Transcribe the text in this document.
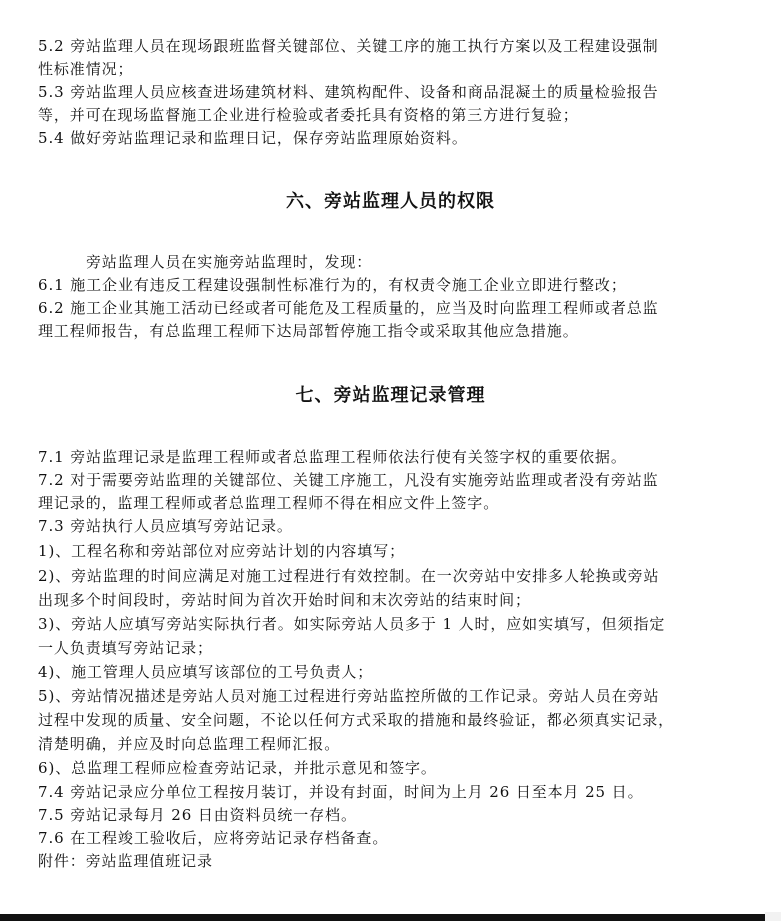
5.2 旁站监理人员在现场跟班监督关键部位、关键工序的施工执行方案以及工程建设强制
性标准情况；
5.3 旁站监理人员应核查进场建筑材料、建筑构配件、设备和商品混凝土的质量检验报告
等，并可在现场监督施工企业进行检验或者委托具有资格的第三方进行复验；
5.4 做好旁站监理记录和监理日记，保存旁站监理原始资料。
六、旁站监理人员的权限
旁站监理人员在实施旁站监理时，发现：
6.1 施工企业有违反工程建设强制性标准行为的，有权责令施工企业立即进行整改；
6.2 施工企业其施工活动已经或者可能危及工程质量的，应当及时向监理工程师或者总监
理工程师报告，有总监理工程师下达局部暂停施工指令或采取其他应急措施。
七、旁站监理记录管理
7.1 旁站监理记录是监理工程师或者总监理工程师依法行使有关签字权的重要依据。
7.2 对于需要旁站监理的关键部位、关键工序施工，凡没有实施旁站监理或者没有旁站监
理记录的，监理工程师或者总监理工程师不得在相应文件上签字。
7.3 旁站执行人员应填写旁站记录。
1)、工程名称和旁站部位对应旁站计划的内容填写；
2)、旁站监理的时间应满足对施工过程进行有效控制。在一次旁站中安排多人轮换或旁站
出现多个时间段时，旁站时间为首次开始时间和末次旁站的结束时间；
3)、旁站人应填写旁站实际执行者。如实际旁站人员多于 1 人时，应如实填写，但须指定
一人负责填写旁站记录；
4)、施工管理人员应填写该部位的工号负责人；
5)、旁站情况描述是旁站人员对施工过程进行旁站监控所做的工作记录。旁站人员在旁站
过程中发现的质量、安全问题，不论以任何方式采取的措施和最终验证，都必须真实记录，
清楚明确，并应及时向总监理工程师汇报。
6)、总监理工程师应检查旁站记录，并批示意见和签字。
7.4 旁站记录应分单位工程按月装订，并设有封面，时间为上月 26 日至本月 25 日。
7.5 旁站记录每月 26 日由资料员统一存档。
7.6 在工程竣工验收后，应将旁站记录存档备查。
附件：旁站监理值班记录
